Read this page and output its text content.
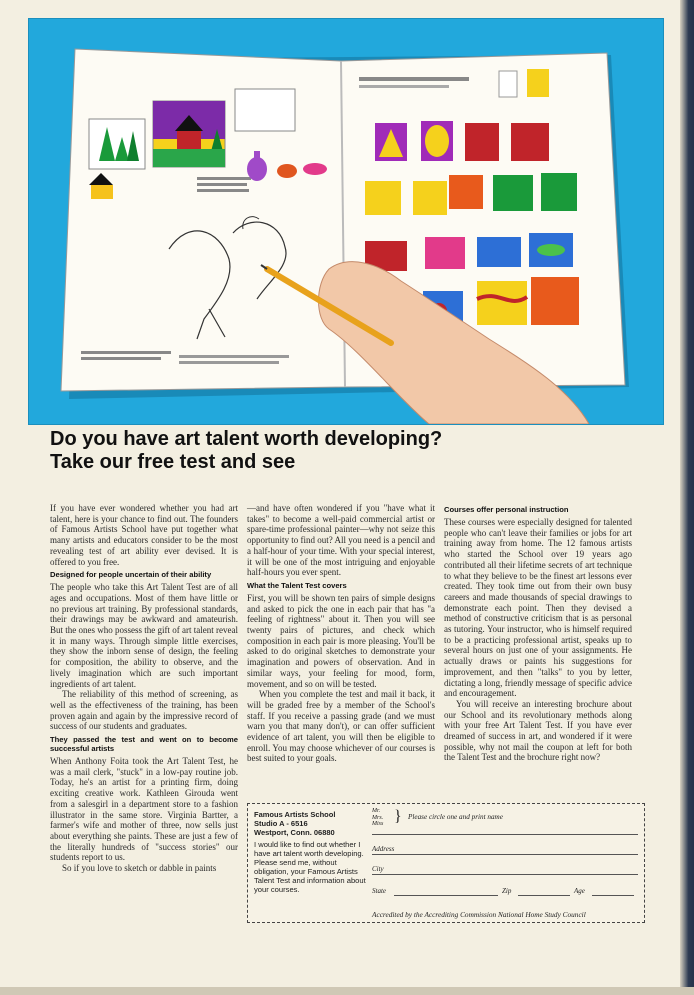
Do you have art talent worth developing?
Take our free test and see

If you have ever wondered whether you had art talent, here is your chance to find out. The founders of Famous Artists School have put together what many artists and educators consider to be the most revealing test of art ability ever devised. It is offered to you free.

Designed for people uncertain of their ability

The people who take this Art Talent Test are of all ages and occupations. Most of them have little or no previous art training. By professional standards, their drawings may be awkward and amateurish. But the ones who possess the gift of art talent reveal it in many ways. Through simple little exercises, they show the inborn sense of design, the feeling for composition, the ability to observe, and the lively imagination which are such important ingredients of art talent.

The reliability of this method of screening, as well as the effectiveness of the training, has been proven again and again by the impressive record of success of our students and graduates.

They passed the test and went on to become successful artists

When Anthony Foita took the Art Talent Test, he was a mail clerk, "stuck" in a low-pay routine job. Today, he's an artist for a printing firm, doing exciting creative work. Kathleen Girouda went from a salesgirl in a department store to a fashion illustrator in the same store. Virginia Bartter, a farmer's wife and mother of three, now sells just about everything she paints. These are just a few of the literally hundreds of "success stories" our students report to us.

So if you love to sketch or dabble in paints

—and have often wondered if you "have what it takes" to become a well-paid commercial artist or spare-time professional painter—why not seize this opportunity to find out? All you need is a pencil and a half-hour of your time. With your special interest, it will be one of the most intriguing and enjoyable half-hours you ever spent.

What the Talent Test covers

First, you will be shown ten pairs of simple designs and asked to pick the one in each pair that has "a feeling of rightness" about it. Then you will see twenty pairs of pictures, and check which composition in each pair is more pleasing. You'll be asked to do original sketches to demonstrate your imagination and powers of observation. And in similar ways, your feeling for mood, form, movement, and so on will be tested.

When you complete the test and mail it back, it will be graded free by a member of the School's staff. If you receive a passing grade (and we must warn you that many don't), or can offer sufficient evidence of art talent, you will then be eligible to enroll. You may choose whichever of our courses is best suited to your goals.

Courses offer personal instruction

These courses were especially designed for talented people who can't leave their families or jobs for art training away from home. The 12 famous artists who started the School over 19 years ago contributed all their lifetime secrets of art technique to what they believe to be the finest art lessons ever created. They took time out from their own busy careers and made thousands of special drawings to demonstrate each point. Then they devised a method of constructive criticism that is as personal as tutoring. Your instructor, who is himself required to be a practicing professional artist, speaks up to several hours on just one of your assignments. He actually draws or paints his suggestions for improvement, and then "talks" to you by letter, dictating a long, friendly message of specific advice and encouragement.

You will receive an interesting brochure about our School and its revolutionary methods along with your free Art Talent Test. If you have ever dreamed of success in art, and wondered if it were possible, why not mail the coupon at left for both the Talent Test and the brochure right now?

Famous Artists School
Studio A - 6516
Westport, Conn. 06880
I would like to find out whether I have art talent worth developing. Please send me, without obligation, your Famous Artists Talent Test and information about your courses.
Mr.
Mrs.
Miss } Please circle one and print name
Address
City
State	Zip	Age
Accredited by the Accrediting Commission National Home Study Council
